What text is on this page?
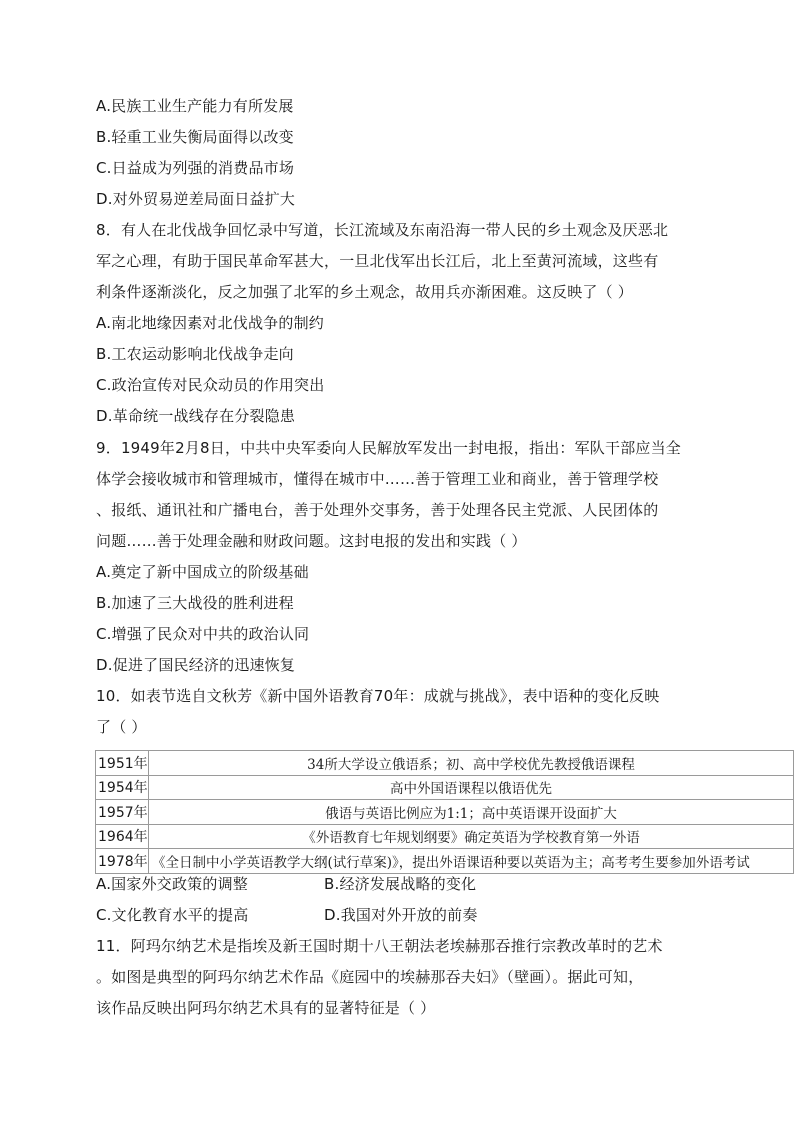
A.民族工业生产能力有所发展
B.轻重工业失衡局面得以改变
C.日益成为列强的消费品市场
D.对外贸易逆差局面日益扩大
8．有人在北伐战争回忆录中写道，长江流域及东南沿海一带人民的乡土观念及厌恶北
军之心理，有助于国民革命军甚大，一旦北伐军出长江后，北上至黄河流域，这些有
利条件逐渐淡化，反之加强了北军的乡土观念，故用兵亦渐困难。这反映了（ ）
A.南北地缘因素对北伐战争的制约
B.工农运动影响北伐战争走向
C.政治宣传对民众动员的作用突出
D.革命统一战线存在分裂隐患
9．1949年2月8日，中共中央军委向人民解放军发出一封电报，指出：军队干部应当全
体学会接收城市和管理城市，懂得在城市中……善于管理工业和商业，善于管理学校
、报纸、通讯社和广播电台，善于处理外交事务，善于处理各民主党派、人民团体的
问题……善于处理金融和财政问题。这封电报的发出和实践（ ）
A.奠定了新中国成立的阶级基础
B.加速了三大战役的胜利进程
C.增强了民众对中共的政治认同
D.促进了国民经济的迅速恢复
10．如表节选自文秋芳《新中国外语教育70年：成就与挑战》，表中语种的变化反映
了（ ）
1951年	34所大学设立俄语系；初、高中学校优先教授俄语课程
1954年	高中外国语课程以俄语优先
1957年	俄语与英语比例应为1:1；高中英语课开设面扩大
1964年	《外语教育七年规划纲要》确定英语为学校教育第一外语
1978年	《全日制中小学英语教学大纲(试行草案)》，提出外语课语种要以英语为主；高考考生要参加外语考试
A.国家外交政策的调整	B.经济发展战略的变化
C.文化教育水平的提高	D.我国对外开放的前奏
11．阿玛尔纳艺术是指埃及新王国时期十八王朝法老埃赫那吞推行宗教改革时的艺术
。如图是典型的阿玛尔纳艺术作品《庭园中的埃赫那吞夫妇》（壁画）。据此可知，
该作品反映出阿玛尔纳艺术具有的显著特征是（ ）
